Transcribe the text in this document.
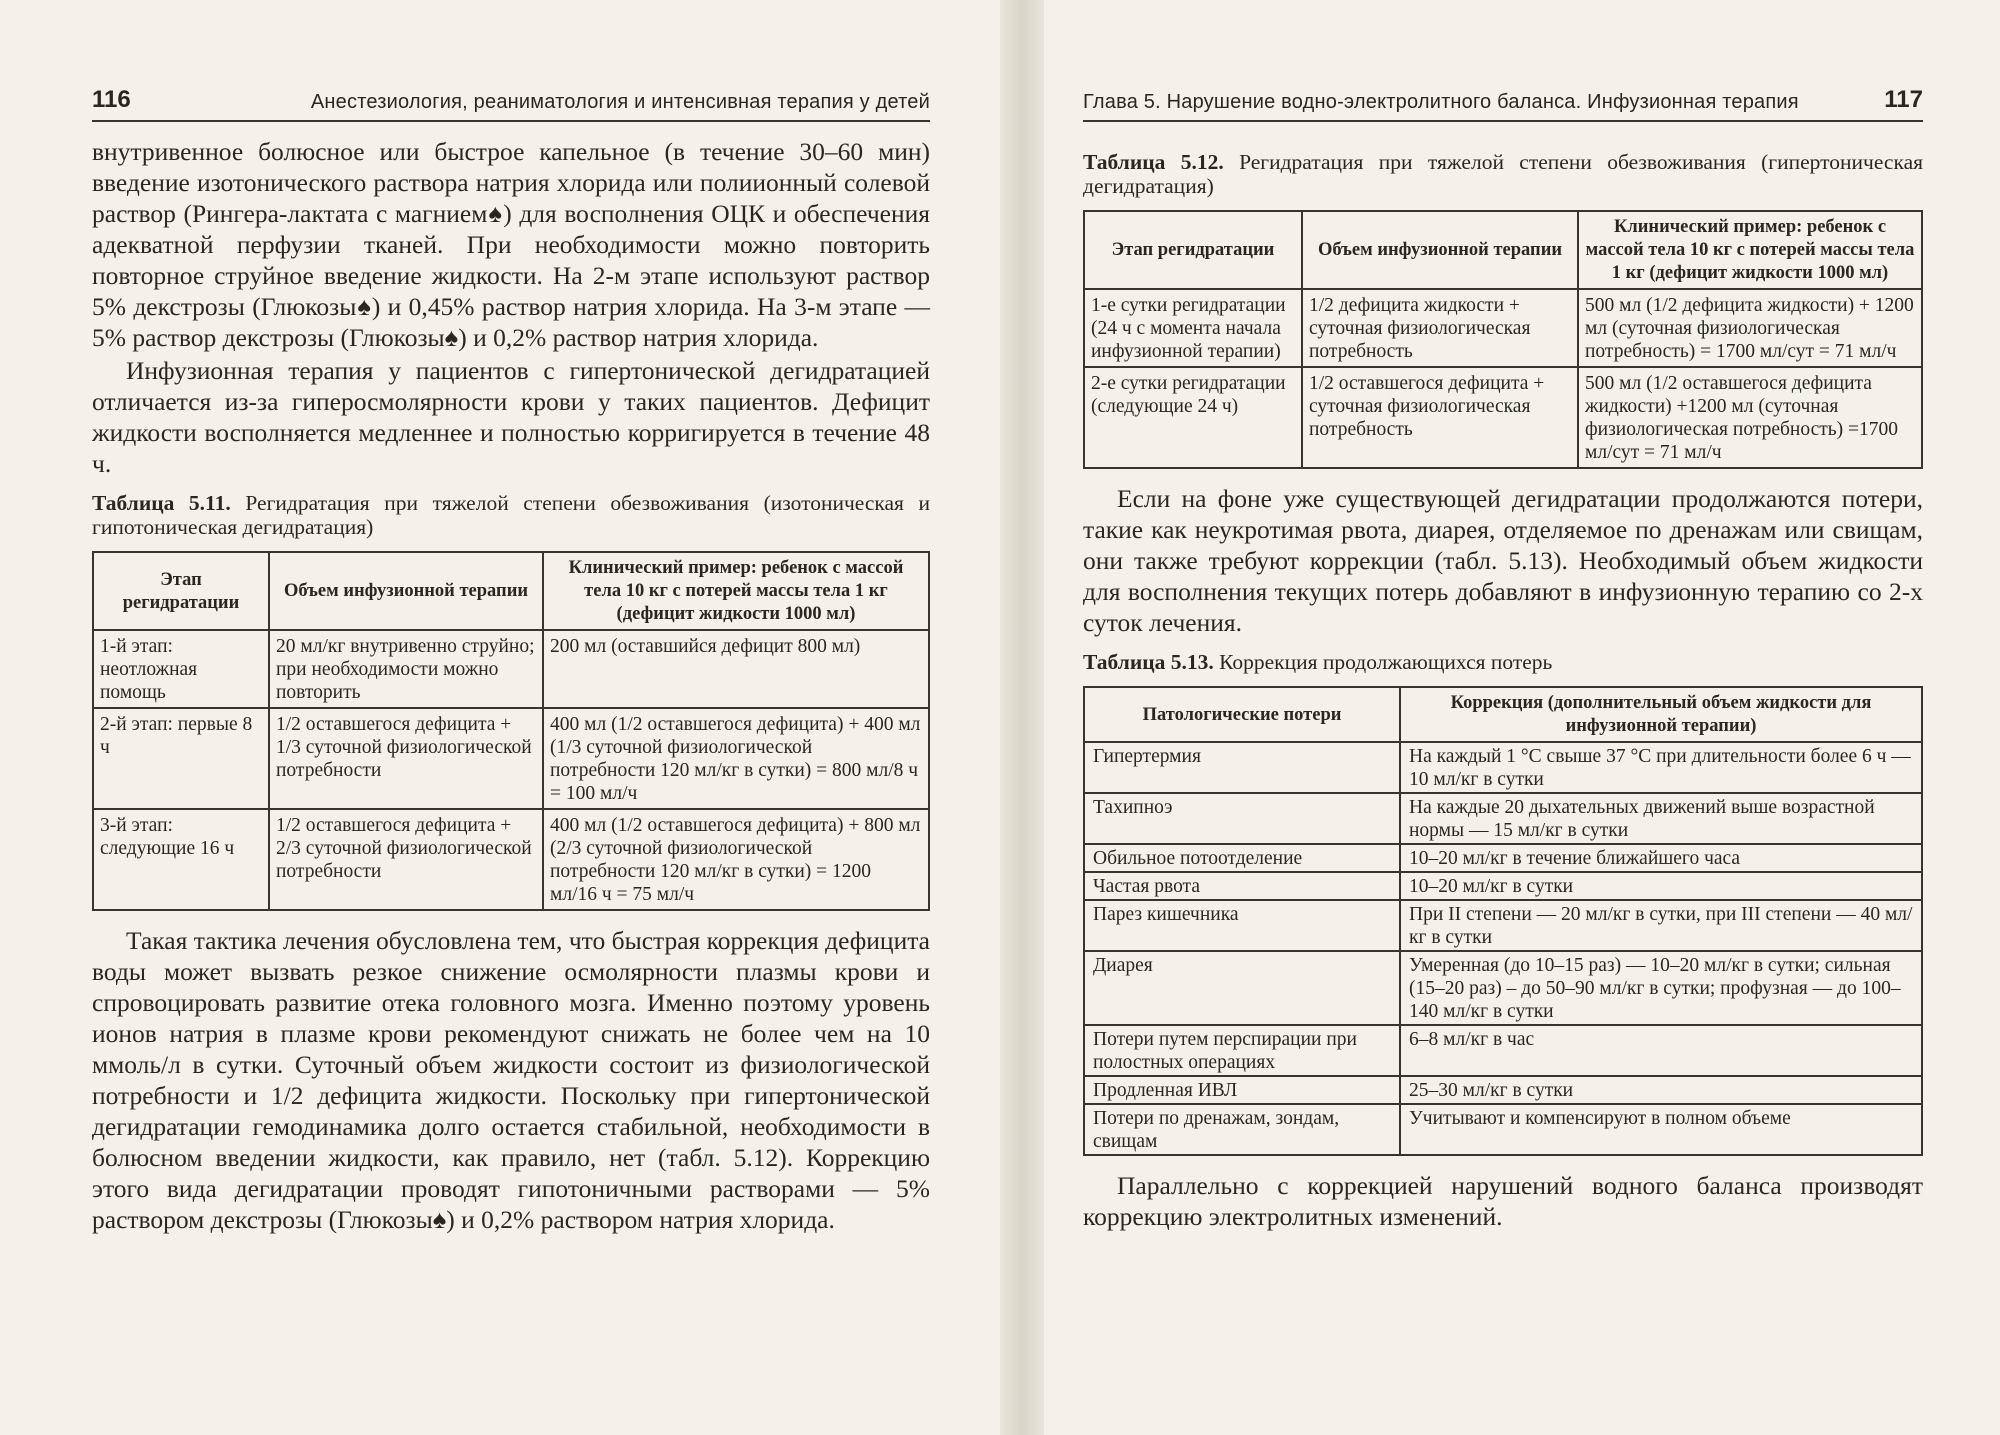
116	Анестезиология, реаниматология и интенсивная терапия у детей

внутривенное болюсное или быстрое капельное (в течение 30–60 мин) введение изотонического раствора натрия хлорида или полиионный солевой раствор (Рингера-лактата с магнием♠) для восполнения ОЦК и обеспечения адекватной перфузии тканей. При необходимости можно повторить повторное струйное введение жидкости. На 2-м этапе используют раствор 5% декстрозы (Глюкозы♠) и 0,45% раствор натрия хлорида. На 3-м этапе — 5% раствор декстрозы (Глюкозы♠) и 0,2% раствор натрия хлорида.

Инфузионная терапия у пациентов с гипертонической дегидратацией отличается из-за гиперосмолярности крови у таких пациентов. Дефицит жидкости восполняется медленнее и полностью корригируется в течение 48 ч.

Таблица 5.11. Регидратация при тяжелой степени обезвоживания (изотоническая и гипотоническая дегидратация)

Этап регидратации	Объем инфузионной терапии	Клинический пример: ребенок с массой тела 10 кг с потерей массы тела 1 кг (дефицит жидкости 1000 мл)
1-й этап: неотложная помощь	20 мл/кг внутривенно струйно; при необходимости можно повторить	200 мл (оставшийся дефицит 800 мл)
2-й этап: первые 8 ч	1/2 оставшегося дефицита + 1/3 суточной физиологической потребности	400 мл (1/2 оставшегося дефицита) + 400 мл (1/3 суточной физиологической потребности 120 мл/кг в сутки) = 800 мл/8 ч = 100 мл/ч
3-й этап: следующие 16 ч	1/2 оставшегося дефицита + 2/3 суточной физиологической потребности	400 мл (1/2 оставшегося дефицита) + 800 мл (2/3 суточной физиологической потребности 120 мл/кг в сутки) = 1200 мл/16 ч = 75 мл/ч

Такая тактика лечения обусловлена тем, что быстрая коррекция дефицита воды может вызвать резкое снижение осмолярности плазмы крови и спровоцировать развитие отека головного мозга. Именно поэтому уровень ионов натрия в плазме крови рекомендуют снижать не более чем на 10 ммоль/л в сутки. Суточный объем жидкости состоит из физиологической потребности и 1/2 дефицита жидкости. Поскольку при гипертонической дегидратации гемодинамика долго остается стабильной, необходимости в болюсном введении жидкости, как правило, нет (табл. 5.12). Коррекцию этого вида дегидратации проводят гипотоничными растворами — 5% раствором декстрозы (Глюкозы♠) и 0,2% раствором натрия хлорида.

Глава 5. Нарушение водно-электролитного баланса. Инфузионная терапия	117

Таблица 5.12. Регидратация при тяжелой степени обезвоживания (гипертоническая дегидратация)

Этап регидратации	Объем инфузионной терапии	Клинический пример: ребенок с массой тела 10 кг с потерей массы тела 1 кг (дефицит жидкости 1000 мл)
1-е сутки регидратации (24 ч с момента начала инфузионной терапии)	1/2 дефицита жидкости + суточная физиологическая потребность	500 мл (1/2 дефицита жидкости) + 1200 мл (суточная физиологическая потребность) = 1700 мл/сут = 71 мл/ч
2-е сутки регидратации (следующие 24 ч)	1/2 оставшегося дефицита + суточная физиологическая потребность	500 мл (1/2 оставшегося дефицита жидкости) +1200 мл (суточная физиологическая потребность) =1700 мл/сут = 71 мл/ч

Если на фоне уже существующей дегидратации продолжаются потери, такие как неукротимая рвота, диарея, отделяемое по дренажам или свищам, они также требуют коррекции (табл. 5.13). Необходимый объем жидкости для восполнения текущих потерь добавляют в инфузионную терапию со 2-х суток лечения.

Таблица 5.13. Коррекция продолжающихся потерь

Патологические потери	Коррекция (дополнительный объем жидкости для инфузионной терапии)
Гипертермия	На каждый 1 °С свыше 37 °С при длительности более 6 ч — 10 мл/кг в сутки
Тахипноэ	На каждые 20 дыхательных движений выше возрастной нормы — 15 мл/кг в сутки
Обильное потоотделение	10–20 мл/кг в течение ближайшего часа
Частая рвота	10–20 мл/кг в сутки
Парез кишечника	При II степени — 20 мл/кг в сутки, при III степени — 40 мл/кг в сутки
Диарея	Умеренная (до 10–15 раз) — 10–20 мл/кг в сутки; сильная (15–20 раз) – до 50–90 мл/кг в сутки; профузная — до 100–140 мл/кг в сутки
Потери путем перспирации при полостных операциях	6–8 мл/кг в час
Продленная ИВЛ	25–30 мл/кг в сутки
Потери по дренажам, зондам, свищам	Учитывают и компенсируют в полном объеме

Параллельно с коррекцией нарушений водного баланса производят коррекцию электролитных изменений.
